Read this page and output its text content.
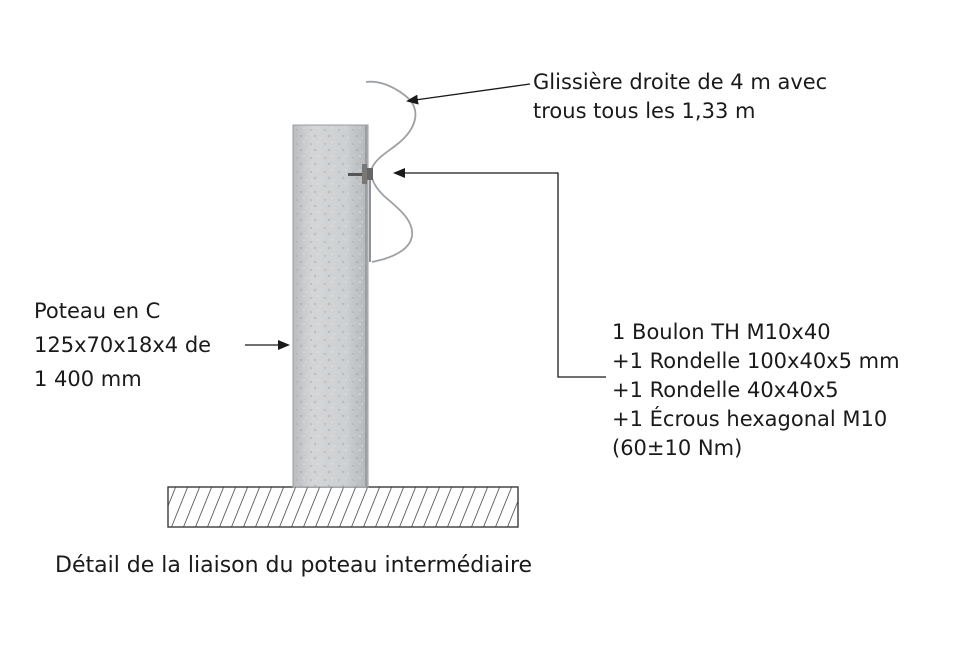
Glissière droite de 4 m avec
trous tous les 1,33 m
Poteau en C
125x70x18x4 de
1 400 mm
1 Boulon TH M10x40
+1 Rondelle 100x40x5 mm
+1 Rondelle 40x40x5
+1 Écrous hexagonal M10
(60±10 Nm)
Détail de la liaison du poteau intermédiaire
